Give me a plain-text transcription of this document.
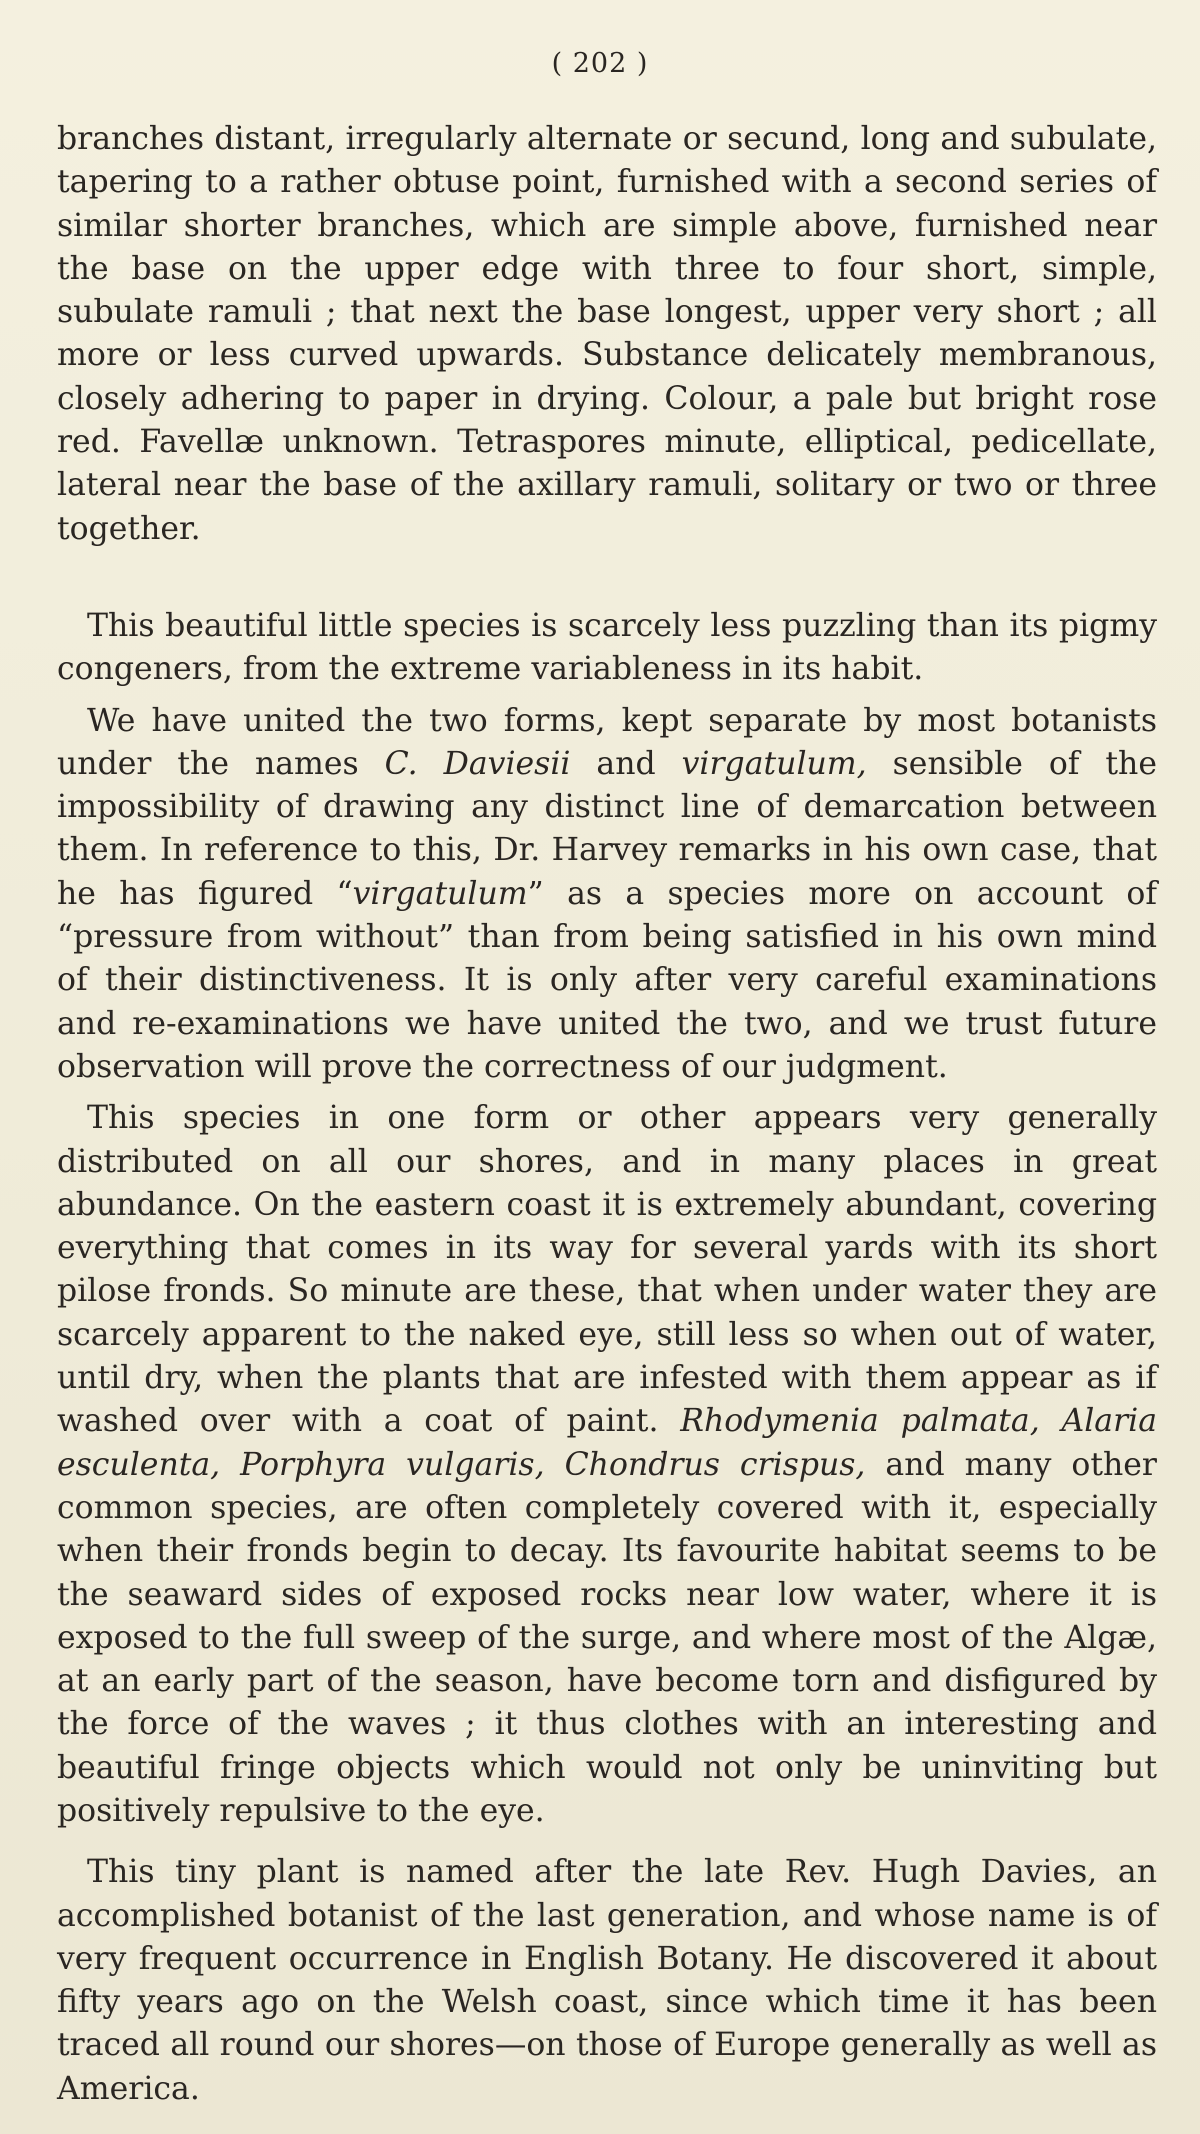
( 202 )

branches distant, irregularly alternate or secund, long and subulate, tapering to a rather obtuse point, furnished with a second series of similar shorter branches, which are simple above, furnished near the base on the upper edge with three to four short, simple, subulate ramuli ; that next the base longest, upper very short ; all more or less curved upwards. Substance delicately membranous, closely adhering to paper in drying. Colour, a pale but bright rose red. Favellæ unknown. Tetraspores minute, elliptical, pedicellate, lateral near the base of the axillary ramuli, solitary or two or three together.

This beautiful little species is scarcely less puzzling than its pigmy congeners, from the extreme variableness in its habit.

We have united the two forms, kept separate by most botanists under the names C. Daviesii and virgatulum, sensible of the impossibility of drawing any distinct line of demarcation between them. In reference to this, Dr. Harvey remarks in his own case, that he has figured “virgatulum” as a species more on account of “pressure from without” than from being satisfied in his own mind of their distinctiveness. It is only after very careful examinations and re-examinations we have united the two, and we trust future observation will prove the correctness of our judgment.

This species in one form or other appears very generally distributed on all our shores, and in many places in great abundance. On the eastern coast it is extremely abundant, covering everything that comes in its way for several yards with its short pilose fronds. So minute are these, that when under water they are scarcely apparent to the naked eye, still less so when out of water, until dry, when the plants that are infested with them appear as if washed over with a coat of paint. Rhodymenia palmata, Alaria esculenta, Porphyra vulgaris, Chondrus crispus, and many other common species, are often completely covered with it, especially when their fronds begin to decay. Its favourite habitat seems to be the seaward sides of exposed rocks near low water, where it is exposed to the full sweep of the surge, and where most of the Algæ, at an early part of the season, have become torn and disfigured by the force of the waves ; it thus clothes with an interesting and beautiful fringe objects which would not only be uninviting but positively repulsive to the eye.

This tiny plant is named after the late Rev. Hugh Davies, an accomplished botanist of the last generation, and whose name is of very frequent occurrence in English Botany. He discovered it about fifty years ago on the Welsh coast, since which time it has been traced all round our shores—on those of Europe generally as well as America.
